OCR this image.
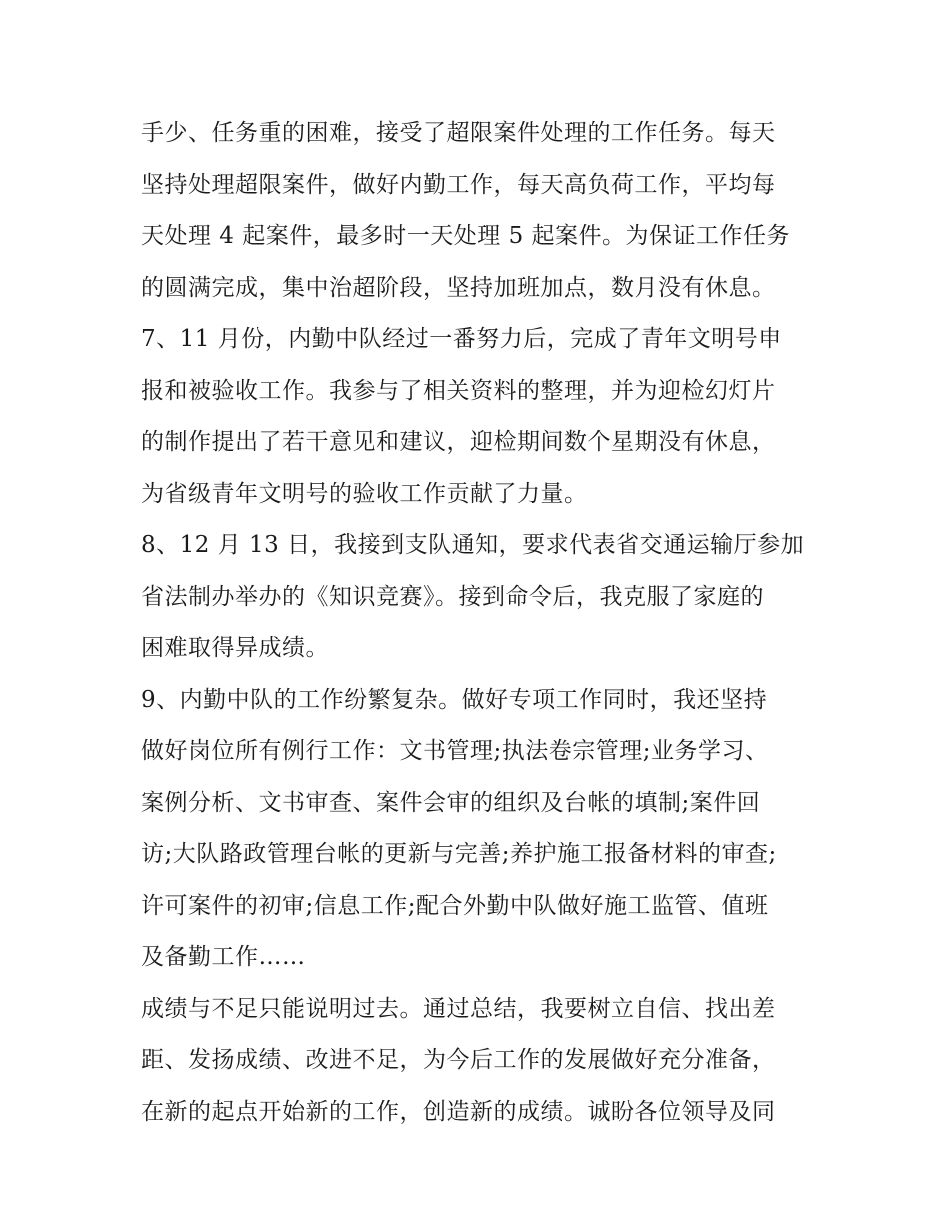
手少、任务重的困难，接受了超限案件处理的工作任务。每天
坚持处理超限案件，做好内勤工作，每天高负荷工作，平均每
天处理 4 起案件，最多时一天处理 5 起案件。为保证工作任务
的圆满完成，集中治超阶段，坚持加班加点，数月没有休息。
7、11 月份，内勤中队经过一番努力后，完成了青年文明号申
报和被验收工作。我参与了相关资料的整理，并为迎检幻灯片
的制作提出了若干意见和建议，迎检期间数个星期没有休息，
为省级青年文明号的验收工作贡献了力量。
8、12 月 13 日，我接到支队通知，要求代表省交通运输厅参加
省法制办举办的《知识竞赛》。接到命令后，我克服了家庭的
困难取得异成绩。
9、内勤中队的工作纷繁复杂。做好专项工作同时，我还坚持
做好岗位所有例行工作：文书管理;执法卷宗管理;业务学习、
案例分析、文书审查、案件会审的组织及台帐的填制;案件回
访;大队路政管理台帐的更新与完善;养护施工报备材料的审查;
许可案件的初审;信息工作;配合外勤中队做好施工监管、值班
及备勤工作……
成绩与不足只能说明过去。通过总结，我要树立自信、找出差
距、发扬成绩、改进不足，为今后工作的发展做好充分准备，
在新的起点开始新的工作，创造新的成绩。诚盼各位领导及同
